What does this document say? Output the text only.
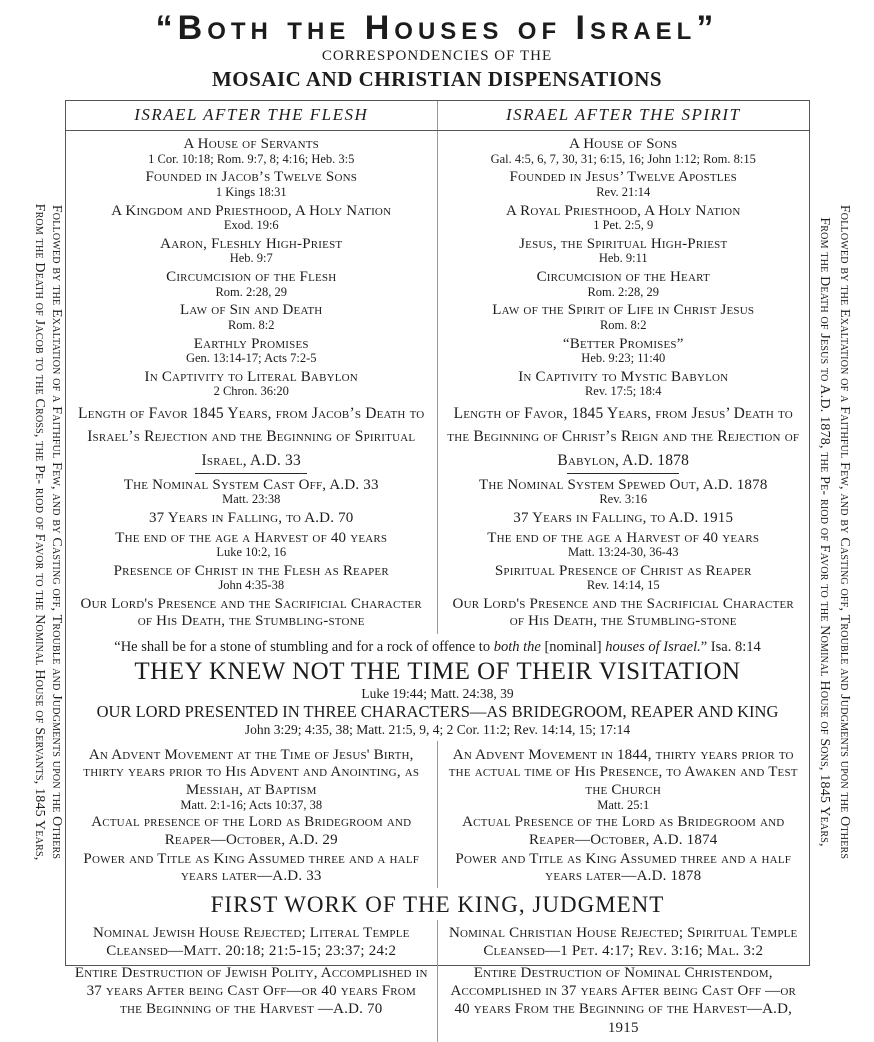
“Both the Houses of Israel”
CORRESPONDENCIES OF THE
MOSAIC AND CHRISTIAN DISPENSATIONS
From the Death of Jacob to the Cross, the Pe- riod of Favor to the Nominal House of Servants, 1845 Years, Followed by the Exaltation of a Faithful Few, and by Casting off, Trouble and Judgments upon the Others	From the Death of Jesus to A.D. 1878, the Pe- riod of Favor to the Nominal House of Sons, 1845 Years, Followed by the Exaltation of a Faithful Few, and by Casting off, Trouble and Judgments upon the Others
ISRAEL AFTER THE FLESH	ISRAEL AFTER THE SPIRIT
A House of Servants
1 Cor. 10:18; Rom. 9:7, 8; 4:16; Heb. 3:5
Founded in Jacob’s Twelve Sons
1 Kings 18:31
A Kingdom and Priesthood, A Holy Nation
Exod. 19:6
Aaron, Fleshly High-Priest
Heb. 9:7
Circumcision of the Flesh
Rom. 2:28, 29
Law of Sin and Death
Rom. 8:2
Earthly Promises
Gen. 13:14-17; Acts 7:2-5
In Captivity to Literal Babylon
2 Chron. 36:20
Length of Favor 1845 Years, from Jacob’s Death to Israel’s Rejection and the Beginning of Spiritual Israel, A.D. 33
The Nominal System Cast Off, A.D. 33
Matt. 23:38
37 Years in Falling, to A.D. 70
The end of the age a Harvest of 40 years
Luke 10:2, 16
Presence of Christ in the Flesh as Reaper
John 4:35-38
Our Lord's Presence and the Sacrificial Character of His Death, the Stumbling-stone
A House of Sons
Gal. 4:5, 6, 7, 30, 31; 6:15, 16; John 1:12; Rom. 8:15
Founded in Jesus’ Twelve Apostles
Rev. 21:14
A Royal Priesthood, A Holy Nation
1 Pet. 2:5, 9
Jesus, the Spiritual High-Priest
Heb. 9:11
Circumcision of the Heart
Rom. 2:28, 29
Law of the Spirit of Life in Christ Jesus
Rom. 8:2
“Better Promises”
Heb. 9:23; 11:40
In Captivity to Mystic Babylon
Rev. 17:5; 18:4
Length of Favor, 1845 Years, from Jesus’ Death to the Beginning of Christ’s Reign and the Rejection of Babylon, A.D. 1878
The Nominal System Spewed Out, A.D. 1878
Rev. 3:16
37 Years in Falling, to A.D. 1915
The end of the age a Harvest of 40 years
Matt. 13:24-30, 36-43
Spiritual Presence of Christ as Reaper
Rev. 14:14, 15
Our Lord's Presence and the Sacrificial Character of His Death, the Stumbling-stone
“He shall be for a stone of stumbling and for a rock of offence to both the [nominal] houses of Israel.” Isa. 8:14
THEY KNEW NOT THE TIME OF THEIR VISITATION
Luke 19:44; Matt. 24:38, 39
OUR LORD PRESENTED IN THREE CHARACTERS—AS BRIDEGROOM, REAPER AND KING
John 3:29; 4:35, 38; Matt. 21:5, 9, 4; 2 Cor. 11:2; Rev. 14:14, 15; 17:14
An Advent Movement at the Time of Jesus' Birth, thirty years prior to His Advent and Anointing, as Messiah, at Baptism
Matt. 2:1-16; Acts 10:37, 38
Actual presence of the Lord as Bridegroom and Reaper—October, A.D. 29
Power and Title as King Assumed three and a half years later—A.D. 33
An Advent Movement in 1844, thirty years prior to the actual time of His Presence, to Awaken and Test the Church
Matt. 25:1
Actual Presence of the Lord as Bridegroom and Reaper—October, A.D. 1874
Power and Title as King Assumed three and a half years later—A.D. 1878
FIRST WORK OF THE KING, JUDGMENT
Nominal Jewish House Rejected; Literal Temple Cleansed—Matt. 20:18; 21:5-15; 23:37; 24:2
Entire Destruction of Jewish Polity, Accomplished in 37 years After being Cast Off—or 40 years From the Beginning of the Harvest —A.D. 70
Nominal Christian House Rejected; Spiritual Temple Cleansed—1 Pet. 4:17; Rev. 3:16; Mal. 3:2
Entire Destruction of Nominal Christendom, Accomplished in 37 years After being Cast Off —or 40 years From the Beginning of the Harvest—A.D, 1915
